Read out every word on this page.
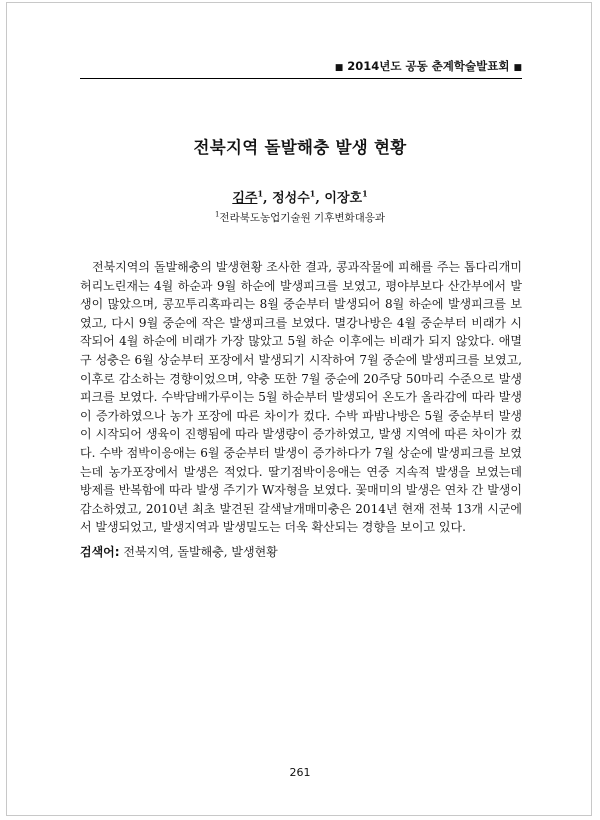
■ 2014년도 공동 춘계학술발표회 ■
전북지역 돌발해충 발생 현황
김주$^1$, 정성수$^1$, 이장호$^1$
$^1$전라북도농업기술원 기후변화대응과

전북지역의 돌발해충의 발생현황 조사한 결과, 콩과작물에 피해를 주는 톱다리개미허리노린재는 4월 하순과 9월 하순에 발생피크를 보였고, 평야부보다 산간부에서 발생이 많았으며, 콩꼬투리혹파리는 8월 중순부터 발생되어 8월 하순에 발생피크를 보였고, 다시 9월 중순에 작은 발생피크를 보였다. 멸강나방은 4월 중순부터 비래가 시작되어 4월 하순에 비래가 가장 많았고 5월 하순 이후에는 비래가 되지 않았다. 애멸구 성충은 6월 상순부터 포장에서 발생되기 시작하여 7월 중순에 발생피크를 보였고, 이후로 감소하는 경향이었으며, 약충 또한 7월 중순에 20주당 50마리 수준으로 발생피크를 보였다. 수박담배가루이는 5월 하순부터 발생되어 온도가 올라감에 따라 발생이 증가하였으나 농가 포장에 따른 차이가 컸다. 수박 파밤나방은 5월 중순부터 발생이 시작되어 생육이 진행됨에 따라 발생량이 증가하였고, 발생 지역에 따른 차이가 컸다. 수박 점박이응애는 6월 중순부터 발생이 증가하다가 7월 상순에 발생피크를 보였는데 농가포장에서 발생은 적었다. 딸기점박이응애는 연중 지속적 발생을 보였는데 방제를 반복함에 따라 발생 주기가 W자형을 보였다. 꽃매미의 발생은 연차 간 발생이 감소하였고, 2010년 최초 발견된 갈색날개매미충은 2014년 현재 전북 13개 시군에서 발생되었고, 발생지역과 발생밀도는 더욱 확산되는 경향을 보이고 있다.

검색어: 전북지역, 돌발해충, 발생현황
261
